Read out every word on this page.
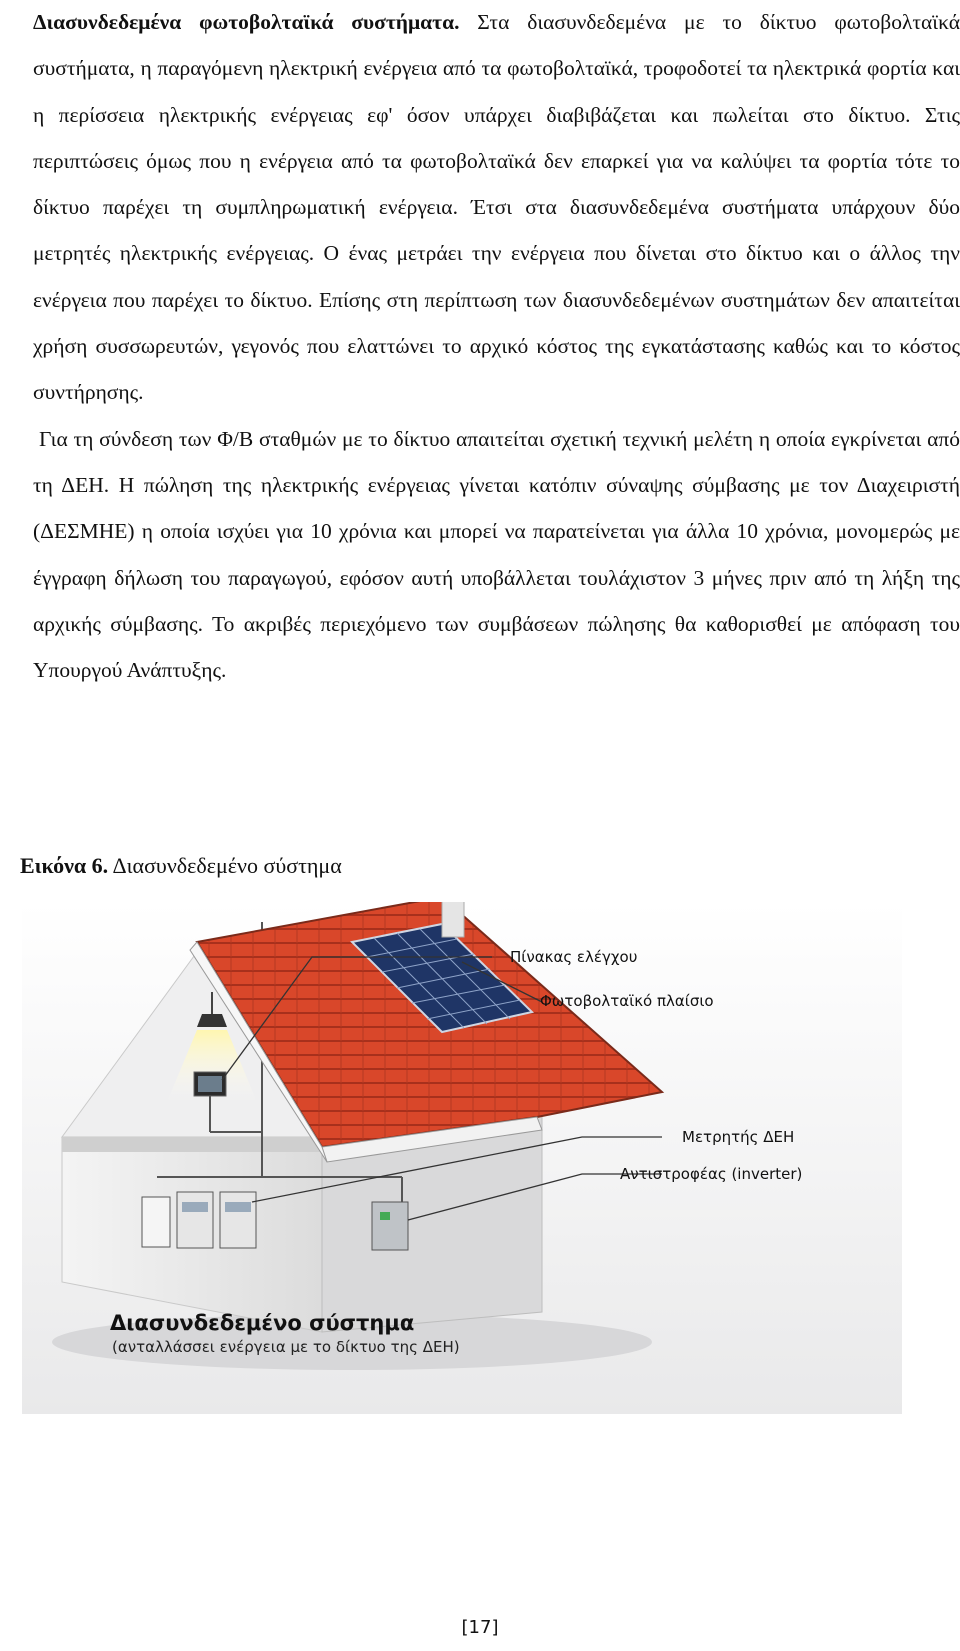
Διασυνδεδεμένα φωτοβολταϊκά συστήματα. Στα διασυνδεδεμένα με το δίκτυο φωτοβολταϊκά συστήματα, η παραγόμενη ηλεκτρική ενέργεια από τα φωτοβολταϊκά, τροφοδοτεί τα ηλεκτρικά φορτία και η περίσσεια ηλεκτρικής ενέργειας εφ' όσον υπάρχει διαβιβάζεται και πωλείται στο δίκτυο. Στις περιπτώσεις όμως που η ενέργεια από τα φωτοβολταϊκά δεν επαρκεί για να καλύψει τα φορτία τότε το δίκτυο παρέχει τη συμπληρωματική ενέργεια. Έτσι στα διασυνδεδεμένα συστήματα υπάρχουν δύο μετρητές ηλεκτρικής ενέργειας. Ο ένας μετράει την ενέργεια που δίνεται στο δίκτυο και ο άλλος την ενέργεια που παρέχει το δίκτυο. Επίσης στη περίπτωση των διασυνδεδεμένων συστημάτων δεν απαιτείται χρήση συσσωρευτών, γεγονός που ελαττώνει το αρχικό κόστος της εγκατάστασης καθώς και το κόστος συντήρησης.

Για τη σύνδεση των Φ/Β σταθμών με το δίκτυο απαιτείται σχετική τεχνική μελέτη η οποία εγκρίνεται από τη ΔΕΗ. Η πώληση της ηλεκτρικής ενέργειας γίνεται κατόπιν σύναψης σύμβασης με τον Διαχειριστή (ΔΕΣΜΗΕ) η οποία ισχύει για 10 χρόνια και μπορεί να παρατείνεται για άλλα 10 χρόνια, μονομερώς με έγγραφη δήλωση του παραγωγού, εφόσον αυτή υποβάλλεται τουλάχιστον 3 μήνες πριν από τη λήξη της αρχικής σύμβασης. Το ακριβές περιεχόμενο των συμβάσεων πώλησης θα καθορισθεί με απόφαση του Υπουργού Ανάπτυξης.

Εικόνα 6. Διασυνδεδεμένο σύστημα
Πίνακας ελέγχου
Φωτοβολταϊκό πλαίσιο
Μετρητής ΔΕΗ
Αντιστροφέας (inverter)
Διασυνδεδεμένο σύστημα
(ανταλλάσσει ενέργεια με το δίκτυο της ΔΕΗ)
[17]
